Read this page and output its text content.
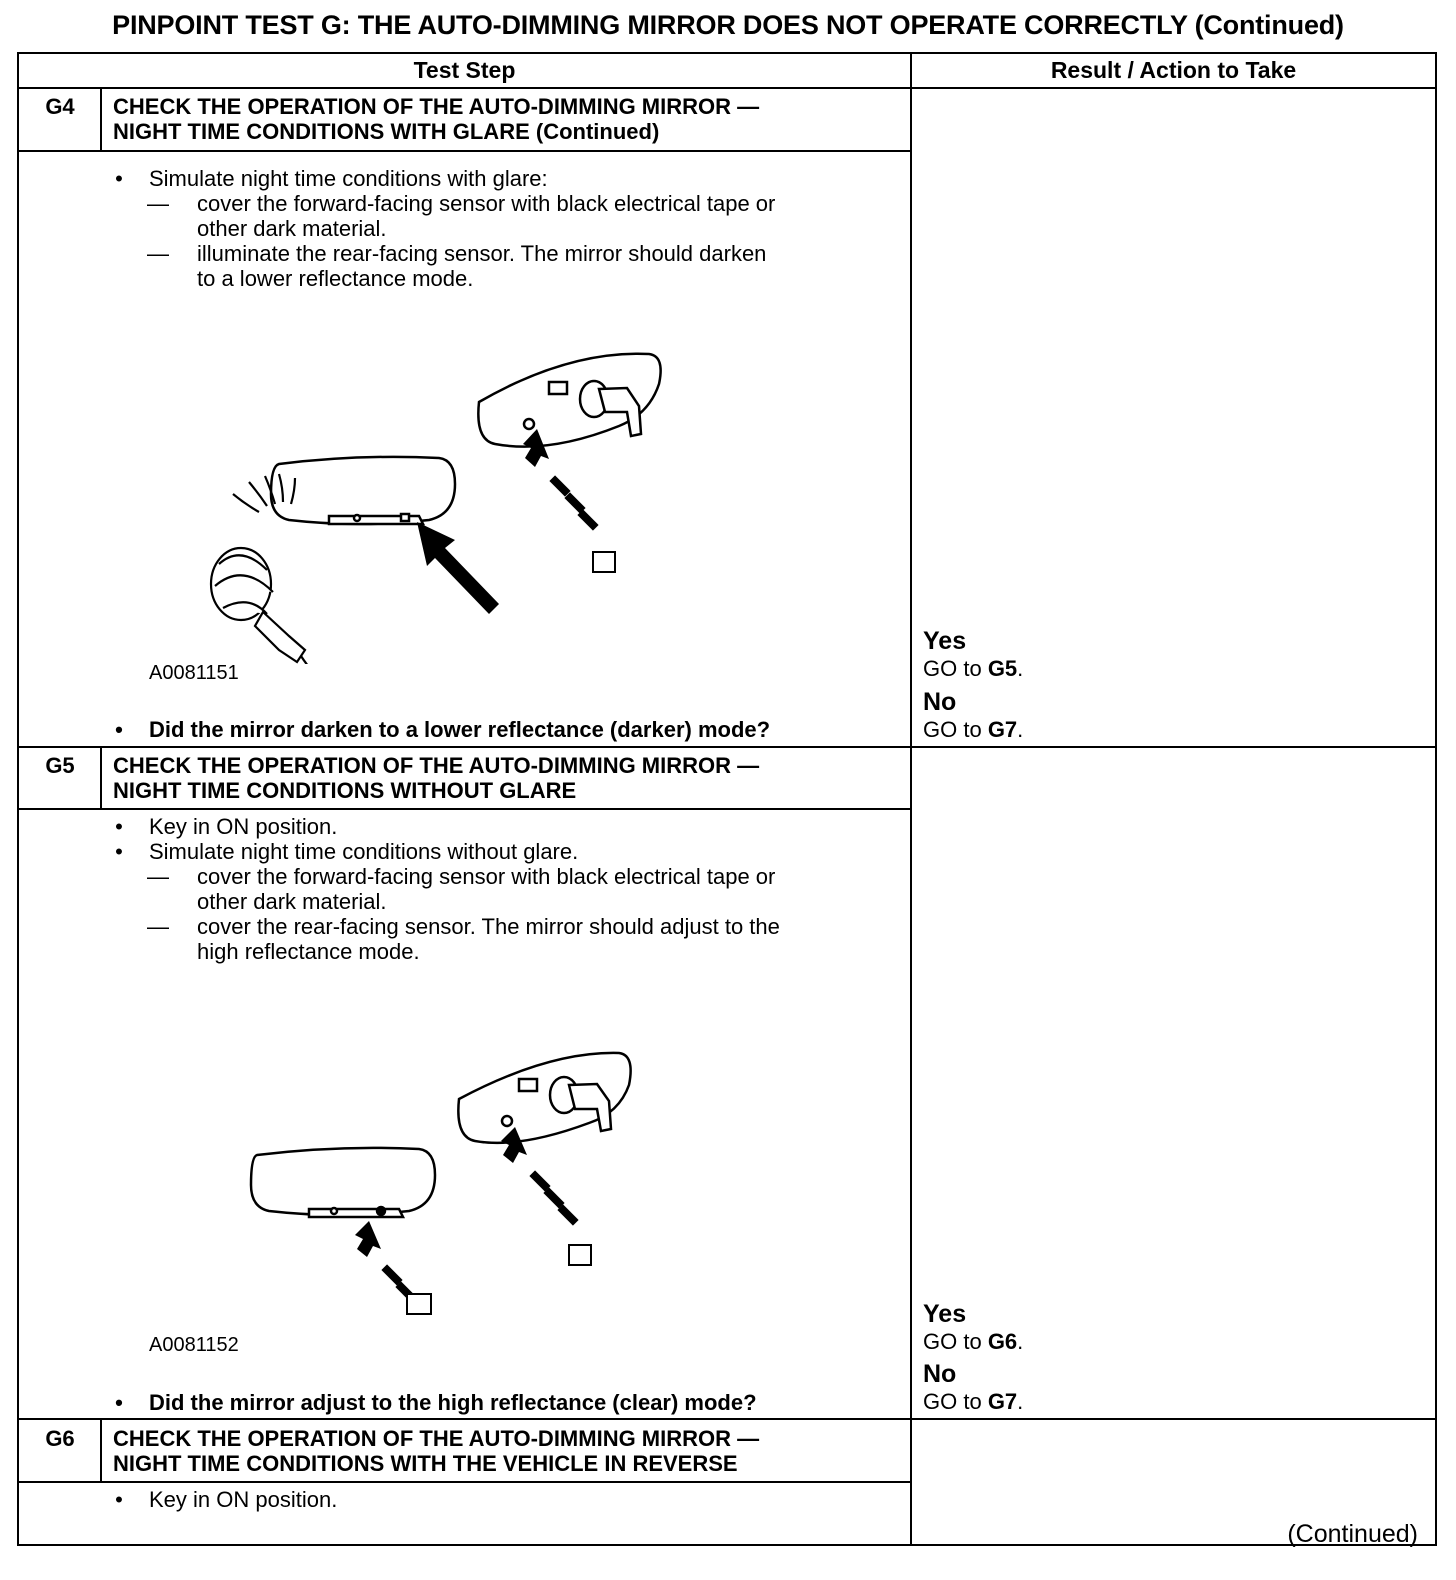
PINPOINT TEST G: THE AUTO-DIMMING MIRROR DOES NOT OPERATE CORRECTLY (Continued)
Test Step	Result / Action to Take
G4	CHECK THE OPERATION OF THE AUTO-DIMMING MIRROR —
NIGHT TIME CONDITIONS WITH GLARE (Continued)
• Simulate night time conditions with glare:
— cover the forward-facing sensor with black electrical tape or
other dark material.
— illuminate the rear-facing sensor. The mirror should darken
to a lower reflectance mode.
A0081151
• Did the mirror darken to a lower reflectance (darker) mode?
Yes
GO to G5.
No
GO to G7.
G5	CHECK THE OPERATION OF THE AUTO-DIMMING MIRROR —
NIGHT TIME CONDITIONS WITHOUT GLARE
• Key in ON position.
• Simulate night time conditions without glare.
— cover the forward-facing sensor with black electrical tape or
other dark material.
— cover the rear-facing sensor. The mirror should adjust to the
high reflectance mode.
A0081152
• Did the mirror adjust to the high reflectance (clear) mode?
Yes
GO to G6.
No
GO to G7.
G6	CHECK THE OPERATION OF THE AUTO-DIMMING MIRROR —
NIGHT TIME CONDITIONS WITH THE VEHICLE IN REVERSE
• Key in ON position.
(Continued)
